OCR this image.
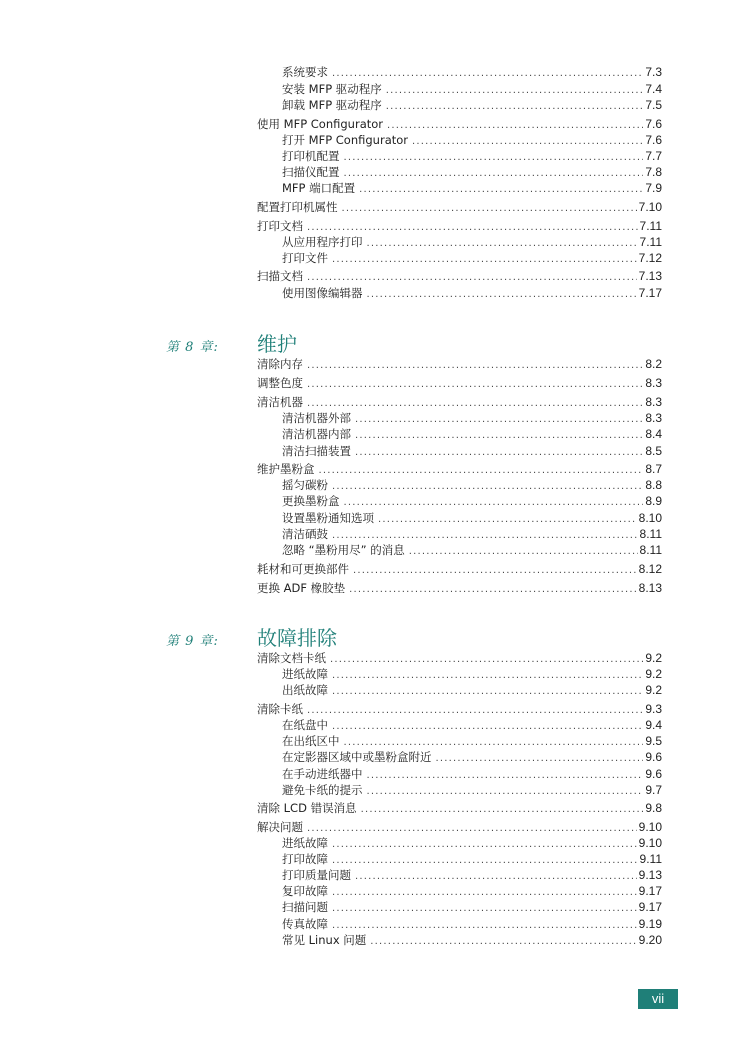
系统要求 .....	7.3
安装 MFP 驱动程序 .....	7.4
卸载 MFP 驱动程序 .....	7.5
使用 MFP Configurator .....	7.6
打开 MFP Configurator .....	7.6
打印机配置 .....	7.7
扫描仪配置 .....	7.8
MFP 端口配置 .....	7.9
配置打印机属性 .....	7.10
打印文档 .....	7.11
从应用程序打印 .....	7.11
打印文件 .....	7.12
扫描文档 .....	7.13
使用图像编辑器 .....	7.17
第 8 章: 维护
清除内存 .....	8.2
调整色度 .....	8.3
清洁机器 .....	8.3
清洁机器外部 .....	8.3
清洁机器内部 .....	8.4
清洁扫描装置 .....	8.5
维护墨粉盒 .....	8.7
摇匀碳粉 .....	8.8
更换墨粉盒 .....	8.9
设置墨粉通知选项 .....	8.10
清洁硒鼓 .....	8.11
忽略 “墨粉用尽” 的消息 .....	8.11
耗材和可更换部件 .....	8.12
更换 ADF 橡胶垫 .....	8.13
第 9 章: 故障排除
清除文档卡纸 .....	9.2
进纸故障 .....	9.2
出纸故障 .....	9.2
清除卡纸 .....	9.3
在纸盘中 .....	9.4
在出纸区中 .....	9.5
在定影器区域中或墨粉盒附近 .....	9.6
在手动进纸器中 .....	9.6
避免卡纸的提示 .....	9.7
清除 LCD 错误消息 .....	9.8
解决问题 .....	9.10
进纸故障 .....	9.10
打印故障 .....	9.11
打印质量问题 .....	9.13
复印故障 .....	9.17
扫描问题 .....	9.17
传真故障 .....	9.19
常见 Linux 问题 .....	9.20
vii
